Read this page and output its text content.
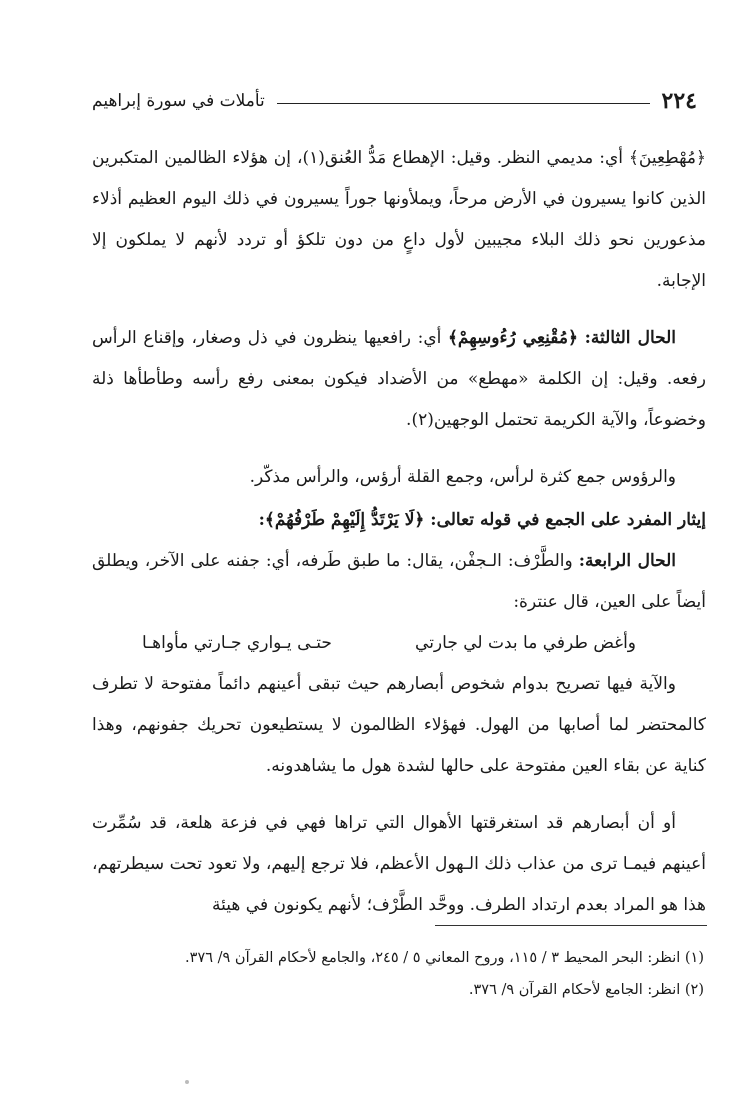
٢٢٤
تأملات في سورة إبراهيم

﴿مُهْطِعِينَ﴾ أي: مديمي النظر. وقيل: الإهطاع مَدُّ العُنق(١)، إن هؤلاء الظالمين المتكبرين الذين كانوا يسيرون في الأرض مرحاً، ويملأونها جوراً يسيرون في ذلك اليوم العظيم أذلاء مذعورين نحو ذلك البلاء مجيبين لأول داعٍ من دون تلكؤ أو تردد لأنهم لا يملكون إلا الإجابة.

الحال الثالثة: ﴿مُقْنِعِي رُءُوسِهِمْ﴾ أي: رافعيها ينظرون في ذل وصغار، وإقناع الرأس رفعه. وقيل: إن الكلمة «مهطع» من الأضداد فيكون بمعنى رفع رأسه وطأطأها ذلة وخضوعاً، والآية الكريمة تحتمل الوجهين(٢).

والرؤوس جمع كثرة لرأس، وجمع القلة أرؤس، والرأس مذكّر.

إيثار المفرد على الجمع في قوله تعالى: ﴿لَا يَرْتَدُّ إِلَيْهِمْ طَرْفُهُمْ﴾:

الحال الرابعة: والطَّرْف: الـجفْن، يقال: ما طبق طَرفه، أي: جفنه على الآخر، ويطلق أيضاً على العين، قال عنترة:

وأغض طرفي ما بدت لي جارتي
حتـى يـواري جـارتي مأواهـا

والآية فيها تصريح بدوام شخوص أبصارهم حيث تبقى أعينهم دائماً مفتوحة لا تطرف كالمحتضر لما أصابها من الهول. فهؤلاء الظالمون لا يستطيعون تحريك جفونهم، وهذا كناية عن بقاء العين مفتوحة على حالها لشدة هول ما يشاهدونه.

أو أن أبصارهم قد استغرقتها الأهوال التي تراها فهي في فزعة هلعة، قد سُمِّرت أعينهم فيمـا ترى من عذاب ذلك الـهول الأعظم، فلا ترجع إليهم، ولا تعود تحت سيطرتهم، هذا هو المراد بعدم ارتداد الطرف. ووحَّد الطَّرْف؛ لأنهم يكونون في هيئة

(١) انظر: البحر المحيط ٣ / ١١٥، وروح المعاني ٥ / ٢٤٥، والجامع لأحكام القرآن ٩/ ٣٧٦.

(٢) انظر: الجامع لأحكام القرآن ٩/ ٣٧٦.
